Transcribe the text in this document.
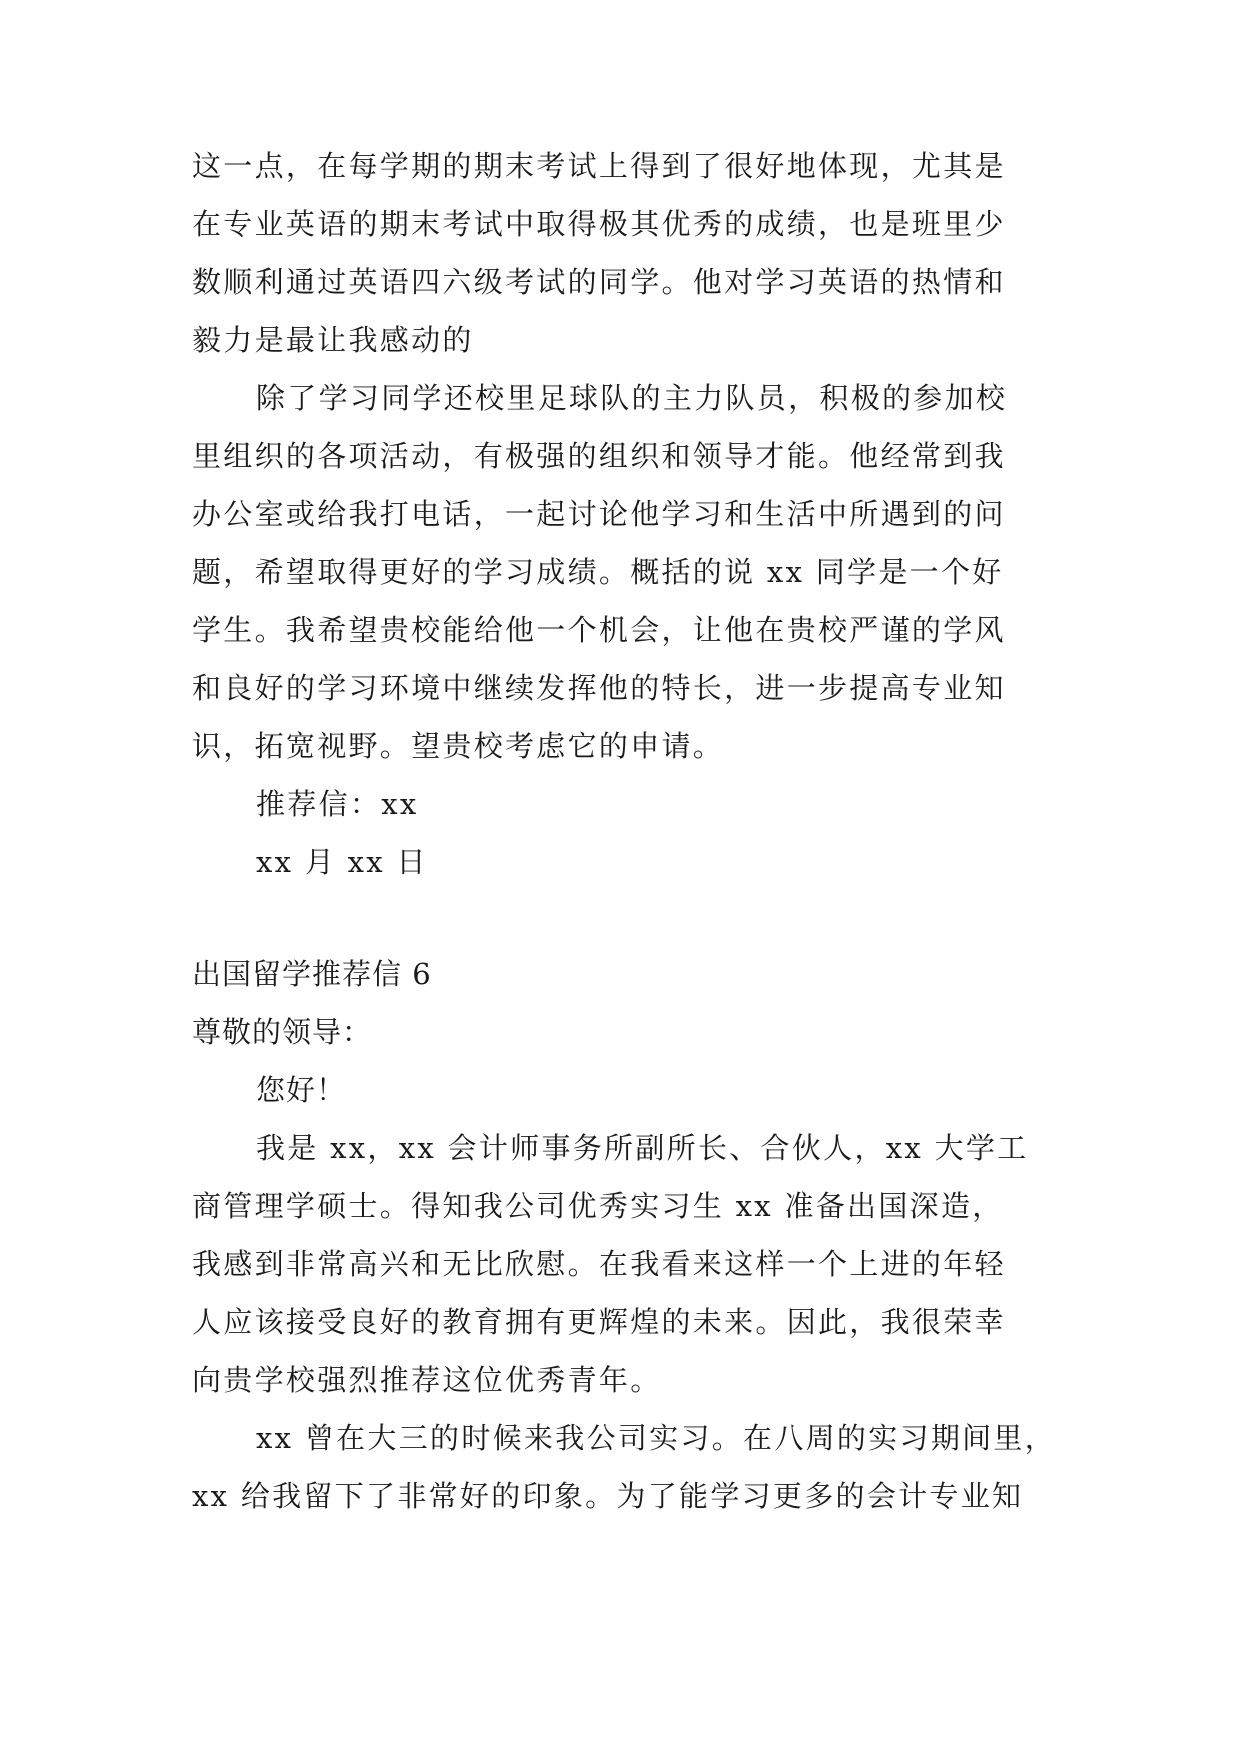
这一点，在每学期的期末考试上得到了很好地体现，尤其是
在专业英语的期末考试中取得极其优秀的成绩，也是班里少
数顺利通过英语四六级考试的同学。他对学习英语的热情和
毅力是最让我感动的
除了学习同学还校里足球队的主力队员，积极的参加校
里组织的各项活动，有极强的组织和领导才能。他经常到我
办公室或给我打电话，一起讨论他学习和生活中所遇到的问
题，希望取得更好的学习成绩。概括的说 xx 同学是一个好
学生。我希望贵校能给他一个机会，让他在贵校严谨的学风
和良好的学习环境中继续发挥他的特长，进一步提高专业知
识，拓宽视野。望贵校考虑它的申请。
推荐信：xx
xx 月 xx 日
出国留学推荐信 6
尊敬的领导：
您好！
我是 xx，xx 会计师事务所副所长、合伙人，xx 大学工
商管理学硕士。得知我公司优秀实习生 xx 准备出国深造，
我感到非常高兴和无比欣慰。在我看来这样一个上进的年轻
人应该接受良好的教育拥有更辉煌的未来。因此，我很荣幸
向贵学校强烈推荐这位优秀青年。
xx 曾在大三的时候来我公司实习。在八周的实习期间里，
xx 给我留下了非常好的印象。为了能学习更多的会计专业知
